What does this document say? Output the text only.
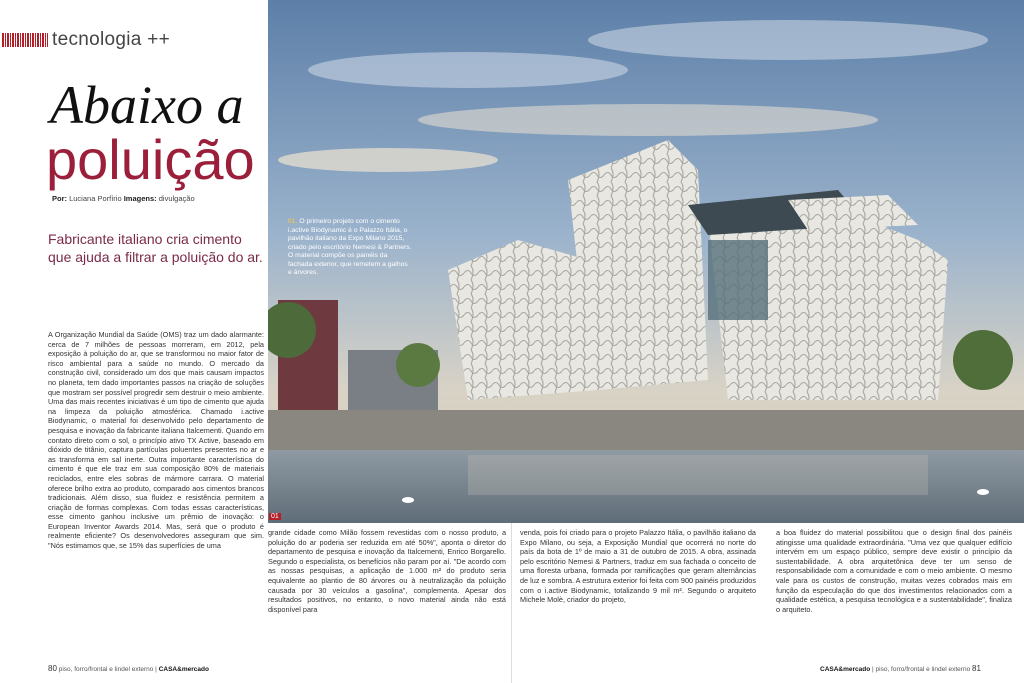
tecnologia ++
Abaixo a
poluição
Por: Luciana Porfírio Imagens: divulgação
Fabricante italiano cria cimento que ajuda a filtrar a poluição do ar.
01. O primeiro projeto com o cimento i.active Biodynamic é o Palazzo Itália, o pavilhão italiano da Expo Milano 2015, criado pelo escritório Nemesi & Partners. O material compõe os painéis da fachada exterior, que remetem a galhos e árvores.
01
A Organização Mundial da Saúde (OMS) traz um dado alarmante: cerca de 7 milhões de pessoas morreram, em 2012, pela exposição à poluição do ar, que se transformou no maior fator de risco ambiental para a saúde no mundo. O mercado da construção civil, considerado um dos que mais causam impactos no planeta, tem dado importantes passos na criação de soluções que mostram ser possível progredir sem destruir o meio ambiente. Uma das mais recentes iniciativas é um tipo de cimento que ajuda na limpeza da poluição atmosférica. Chamado i.active Biodynamic, o material foi desenvolvido pelo departamento de pesquisa e inovação da fabricante italiana Italcementi. Quando em contato direto com o sol, o princípio ativo TX Active, baseado em dióxido de titânio, captura partículas poluentes presentes no ar e as transforma em sal inerte. Outra importante característica do cimento é que ele traz em sua composição 80% de materiais reciclados, entre eles sobras de mármore carrara. O material oferece brilho extra ao produto, comparado aos cimentos brancos tradicionais. Além disso, sua fluidez e resistência permitem a criação de formas complexas. Com todas essas características, esse cimento ganhou inclusive um prêmio de inovação: o European Inventor Awards 2014. Mas, será que o produto é realmente eficiente? Os desenvolvedores asseguram que sim. "Nós estimamos que, se 15% das superfícies de uma
grande cidade como Milão fossem revestidas com o nosso produto, a poluição do ar poderia ser reduzida em até 50%", aponta o diretor do departamento de pesquisa e inovação da Italcementi, Enrico Borgarello. Segundo o especialista, os benefícios não param por aí. "De acordo com as nossas pesquisas, a aplicação de 1.000 m² do produto seria equivalente ao plantio de 80 árvores ou à neutralização da poluição causada por 30 veículos a gasolina", complementa. Apesar dos resultados positivos, no entanto, o novo material ainda não está disponível para
venda, pois foi criado para o projeto Palazzo Itália, o pavilhão italiano da Expo Milano, ou seja, a Exposição Mundial que ocorrerá no norte do país da bota de 1º de maio a 31 de outubro de 2015. A obra, assinada pelo escritório Nemesi & Partners, traduz em sua fachada o conceito de uma floresta urbana, formada por ramificações que geram alternâncias de luz e sombra. A estrutura exterior foi feita com 900 painéis produzidos com o i.active Biodynamic, totalizando 9 mil m². Segundo o arquiteto Michele Molè, criador do projeto,
a boa fluidez do material possibilitou que o design final dos painéis atingisse uma qualidade extraordinária. "Uma vez que qualquer edifício intervém em um espaço público, sempre deve existir o princípio da sustentabilidade. A obra arquitetônica deve ter um senso de responsabilidade com a comunidade e com o meio ambiente. O mesmo vale para os custos de construção, muitas vezes cobrados mais em função da especulação do que dos investimentos relacionados com a qualidade estética, a pesquisa tecnológica e a sustentabilidade", finaliza o arquiteto.
80 piso, forro/frontal e lindel externo | CASA&mercado	CASA&mercado | piso, forro/frontal e lindel externo 81
